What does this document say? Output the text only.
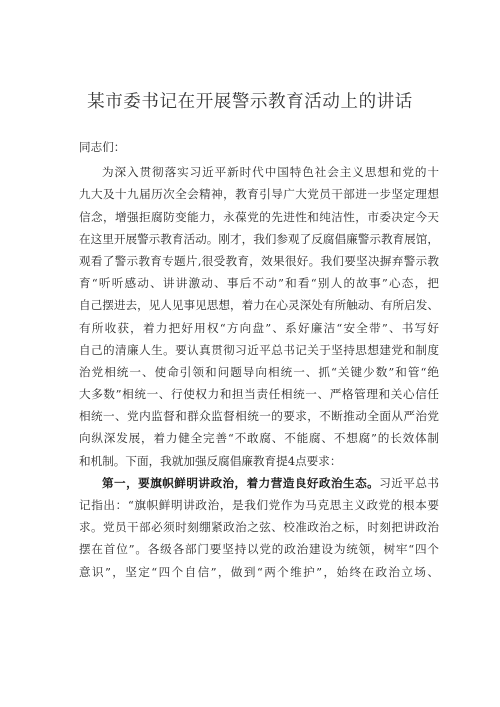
某市委书记在开展警示教育活动上的讲话
同志们：
为深入贯彻落实习近平新时代中国特色社会主义思想和党的十
九大及十九届历次全会精神，教育引导广大党员干部进一步坚定理想
信念，增强拒腐防变能力，永葆党的先进性和纯洁性，市委决定今天
在这里开展警示教育活动。刚才，我们参观了反腐倡廉警示教育展馆，
观看了警示教育专题片,很受教育，效果很好。我们要坚决摒弃警示教
育“听听感动、讲讲激动、事后不动”和看“别人的故事”心态，把
自己摆进去，见人见事见思想，着力在心灵深处有所触动、有所启发、
有所收获，着力把好用权“方向盘”、系好廉洁“安全带”、书写好
自己的清廉人生。要认真贯彻习近平总书记关于坚持思想建党和制度
治党相统一、使命引领和问题导向相统一、抓“关键少数”和管“绝
大多数”相统一、行使权力和担当责任相统一、严格管理和关心信任
相统一、党内监督和群众监督相统一的要求，不断推动全面从严治党
向纵深发展，着力健全完善“不敢腐、不能腐、不想腐”的长效体制
和机制。下面，我就加强反腐倡廉教育提4点要求：
第一，要旗帜鲜明讲政治，着力营造良好政治生态。习近平总书
记指出：“旗帜鲜明讲政治，是我们党作为马克思主义政党的根本要
求。党员干部必须时刻绷紧政治之弦、校准政治之标，时刻把讲政治
摆在首位”。各级各部门要坚持以党的政治建设为统领，树牢“四个
意识”，坚定“四个自信”，做到“两个维护”，始终在政治立场、
